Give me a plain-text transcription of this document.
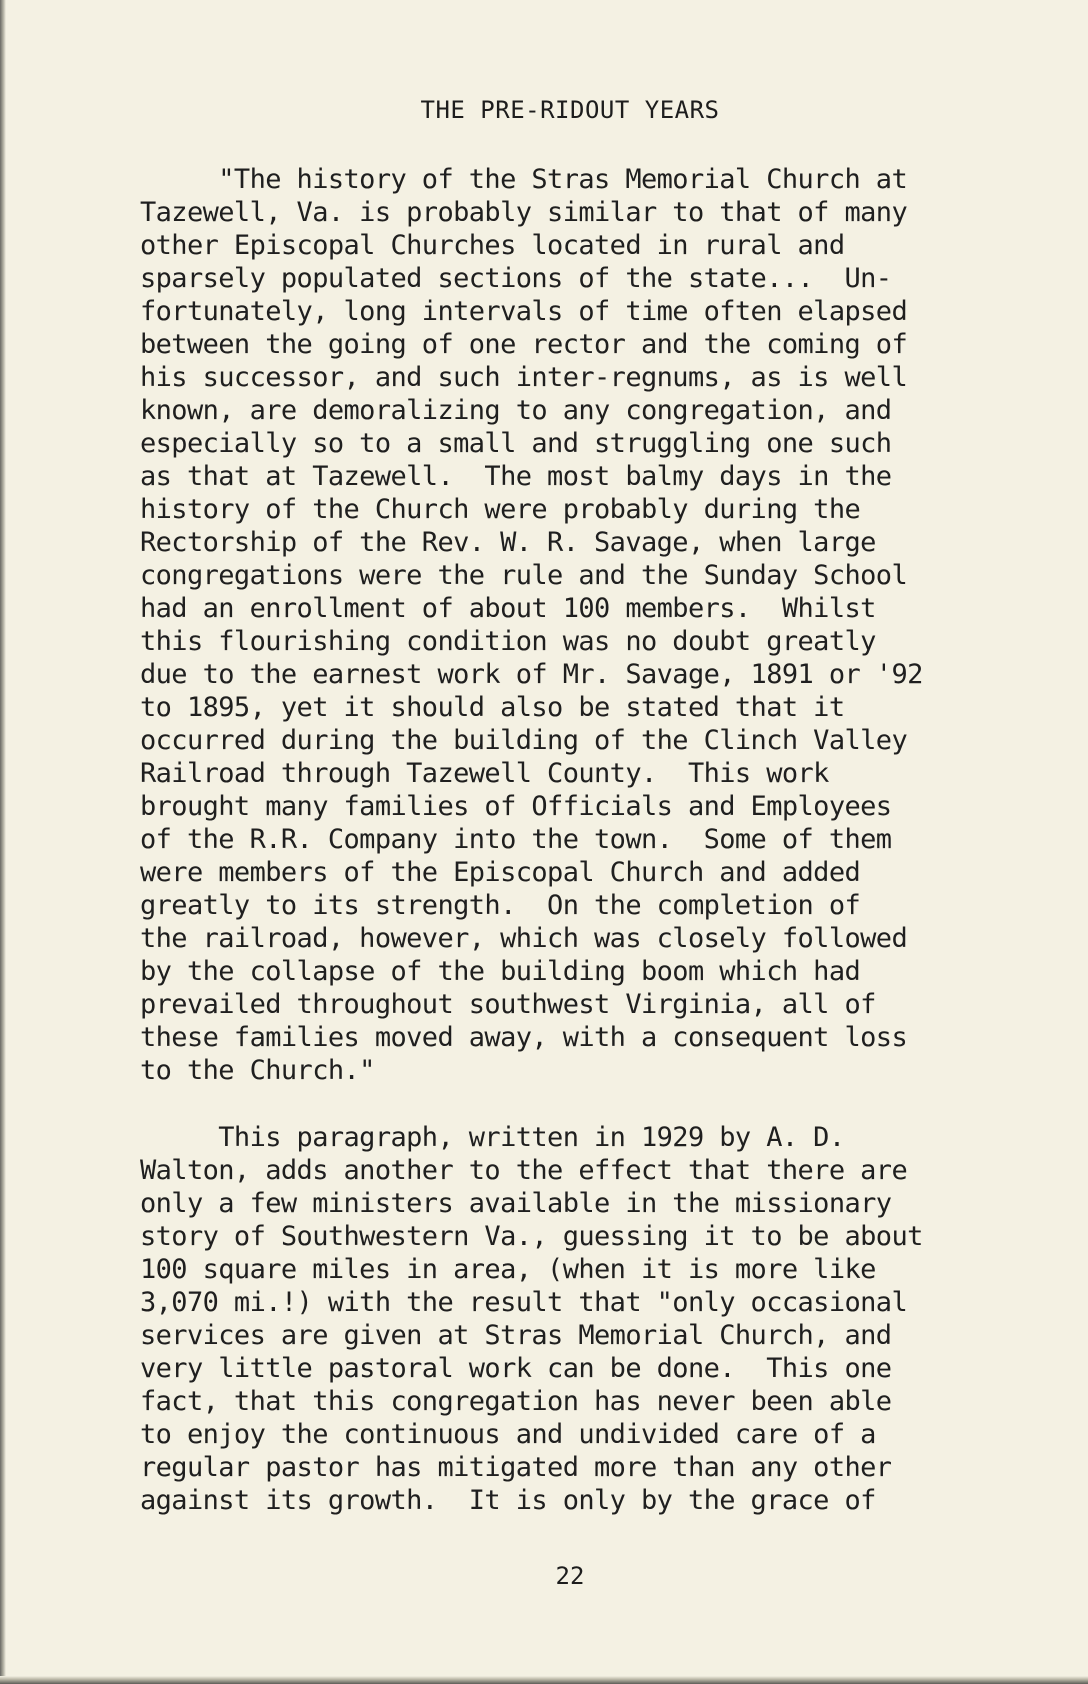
THE PRE-RIDOUT YEARS

"The history of the Stras Memorial Church at
Tazewell, Va. is probably similar to that of many
other Episcopal Churches located in rural and
sparsely populated sections of the state...  Un-
fortunately, long intervals of time often elapsed
between the going of one rector and the coming of
his successor, and such inter-regnums, as is well
known, are demoralizing to any congregation, and
especially so to a small and struggling one such
as that at Tazewell.  The most balmy days in the
history of the Church were probably during the
Rectorship of the Rev. W. R. Savage, when large
congregations were the rule and the Sunday School
had an enrollment of about 100 members.  Whilst
this flourishing condition was no doubt greatly
due to the earnest work of Mr. Savage, 1891 or '92
to 1895, yet it should also be stated that it
occurred during the building of the Clinch Valley
Railroad through Tazewell County.  This work
brought many families of Officials and Employees
of the R.R. Company into the town.  Some of them
were members of the Episcopal Church and added
greatly to its strength.  On the completion of
the railroad, however, which was closely followed
by the collapse of the building boom which had
prevailed throughout southwest Virginia, all of
these families moved away, with a consequent loss
to the Church."

This paragraph, written in 1929 by A. D.
Walton, adds another to the effect that there are
only a few ministers available in the missionary
story of Southwestern Va., guessing it to be about
100 square miles in area, (when it is more like
3,070 mi.!) with the result that "only occasional
services are given at Stras Memorial Church, and
very little pastoral work can be done.  This one
fact, that this congregation has never been able
to enjoy the continuous and undivided care of a
regular pastor has mitigated more than any other
against its growth.  It is only by the grace of

22
